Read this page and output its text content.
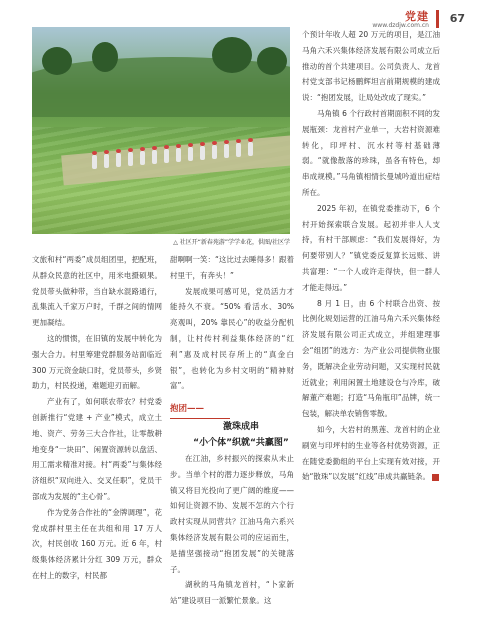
党建
www.dzdjw.com.cn
67
△ 社区开“新春苑游”学学业花，供图/社区学

文旅和村“两委”成员组团里，把配班，从群众民意的社区中，用米电摄硕果。党员带头做种带，当自缺水混路通行，乱集流入千家万户时，千群之间的情网更加凝结。

这的惯惯，在旧镇的发展中转化为强大合力。村里筹建党群服务站面临近 300 万元资金缺口时，党员带头，乡贤助力，村民投递，难题迎刃而解。

产业有了，如何联农带农？村党委创新推行“党建 + 产业”模式，成立土地、资产、劳务三大合作社，让零散耕地变身“一块田”、闲置资源转以盘活、用工需求精准对接。村“两委”与集体经济组织“双向进入、交叉任职”，党员干部成为发展的“主心骨”。

作为党务合作社的“金牌调理”，花党成群村里主任在共组和用 17 万人次，村民创收 160 万元。近 6 年，村级集体经济累计分红 309 万元，群众在村上的数字，村民都

甜啊啊一笑：“这比过去睡得多！跟着村里干，有奔头！”

发展成果可感可见，党员活力才能持久不衰。“50% 看活水、30% 亮观叫，20% 靠民心”的收益分配机制，让村传村利益集体经济的“红利”惠及成村民存所上的“真金白银”，也转化为乡村文明的“精神财富”。

抱团——

激珠成串

“小个体”织就“共赢图”

在江油，乡村振兴的探索从未止步。当单个村的潜力逐步释放，马角镇又将目光投向了更广阔的维度——如何让资源不协、发展不怎的六个行政村实现从同营共？江油马角六系兴集体经济发展有限公司的应运而生，是描坚强接动“抱团发展”的关键落子。

湖秋的马角镇龙首村，“卜家新站”建设项目一派繁忙景象。这

个预计年收人超 20 万元的项目，是江油马角六禾兴集体经济发展有限公司成立后推动的首个共建项目。公司负责人、龙首村党支部书记杨鹏辉坦言前期规模的建成说：“抱团发展，让局处改成了现实。”

马角镇 6 个行政村首期面积不同的发展瓶颈：龙首村产业单一，大岩村资源难转化，印坪村、沉水村等村基础薄弱。“就像散落的珍珠，虽各有特色，却串成规模。”马角镇相情长曼城吟道出症结所在。

2025 年初，在镇党委推动下，6 个村开始探索联合发展。起初并非人人支持，有村干部顾虑：“我们发展得好，为何要带别人？”镇党委反复算长远账、讲共富理：“一个人或许走得快，但一群人才能走得远。”

8 月 1 日，由 6 个村联合出资、按比例化规划运营的江油马角六禾兴集体经济发展有限公司正式成立，并组建理事会“组团”的选方：为产业公司提供物业服务，既解决企业劳动问题，又实现村民就近就业；利用闲置土地建设仓与冷库，破解董产难题；打造“马角瓶印”品牌，统一包装，解决单农销售零散。

如今，大岩村的黑莲、龙首村的企业刷宽与印坪村的生业等各村优势资源，正在随党委勤组的平台上实现有效对接，开始“散珠”以发展“红线”串成共赢链条。
